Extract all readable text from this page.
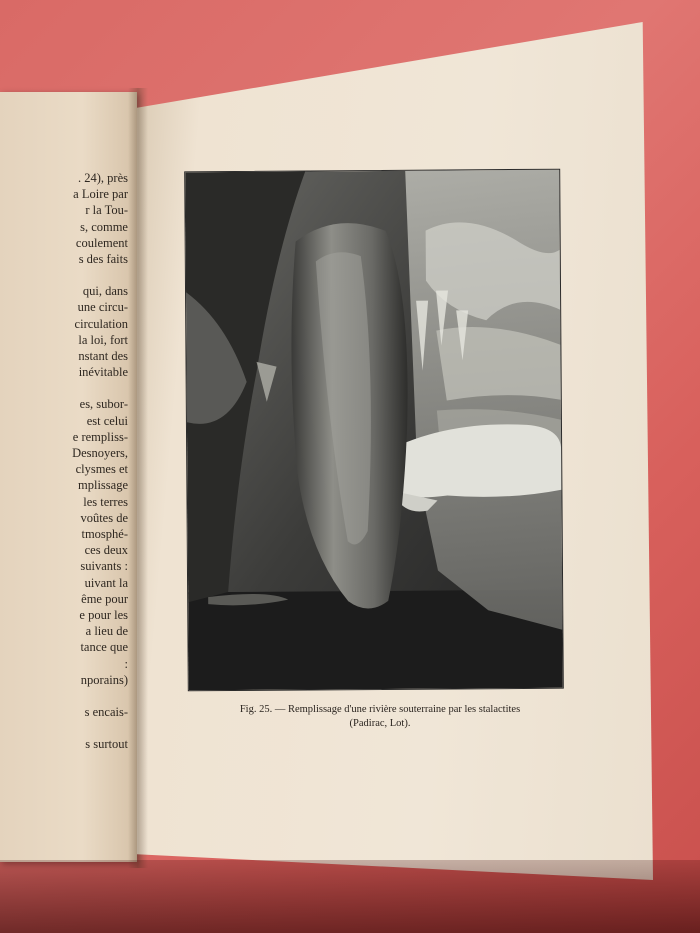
. 24), près
a Loire par
r la Tou-
s, comme
coulement
s des faits
qui, dans
une circu-
circulation
la loi, fort
nstant des
inévitable
es, subor-
est celui
e rempliss-
Desnoyers,
clysmes et
mplissage
les terres
voûtes de
tmosphé-
ces deux
suivants :
uivant la
ême pour
e pour les
a lieu de
tance que
:
nporains)
s encais-
s surtout
Fig. 25. — Remplissage d'une rivière souterraine par les stalactites
(Padirac, Lot).
